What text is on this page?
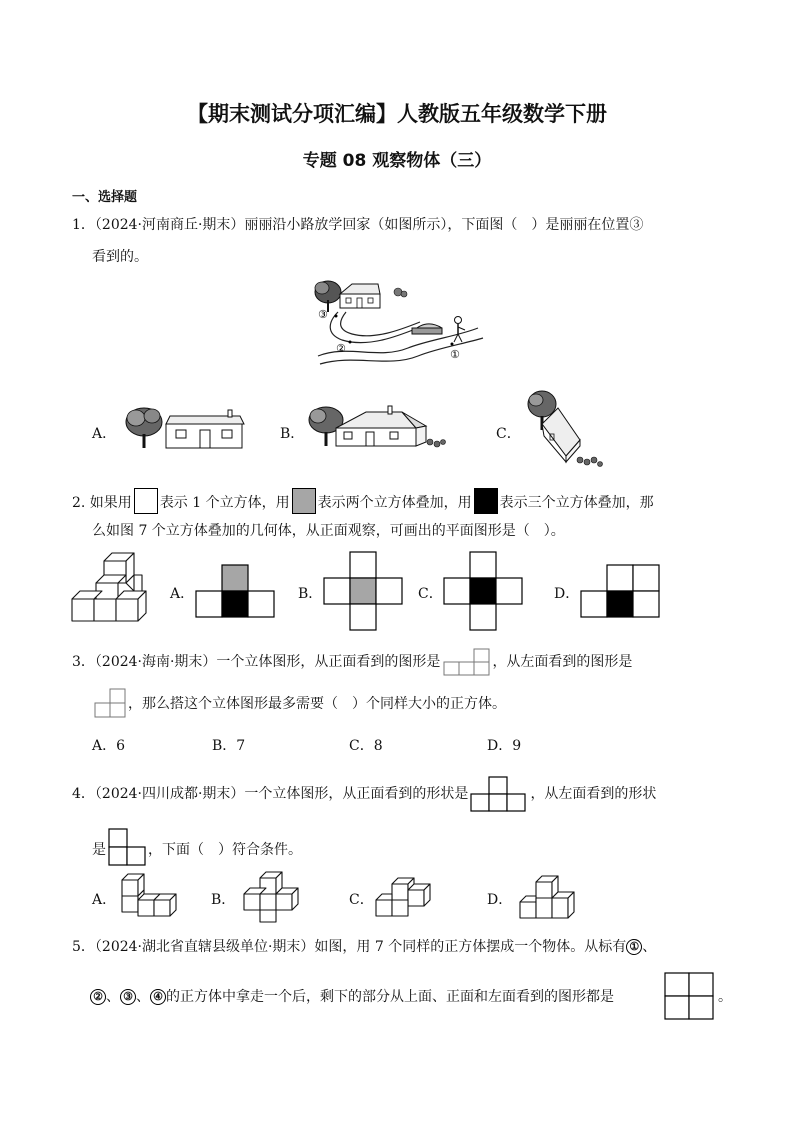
【期末测试分项汇编】人教版五年级数学下册
专题 08 观察物体（三）
一、选择题
1．（2024·河南商丘·期末）丽丽沿小路放学回家（如图所示），下面图（　）是丽丽在位置③
看到的。
③
②	①
A．	B．	C．
2. 如果用 表示 1 个立方体，用 表示两个立方体叠加，用 表示三个立方体叠加，那
么如图 7 个立方体叠加的几何体，从正面观察，可画出的平面图形是（　）。
A．	B．	C．	D．
3．（2024·海南·期末）一个立体图形，从正面看到的图形是	，从左面看到的图形是
，那么搭这个立体图形最多需要（　）个同样大小的正方体。
A．6	B．7	C．8	D．9
4．（2024·四川成都·期末）一个立体图形，从正面看到的形状是	，从左面看到的形状
是	，下面（　）符合条件。
A．	B．	C．	D．
5．（2024·湖北省直辖县级单位·期末）如图，用 7 个同样的正方体摆成一个物体。从标有 ① 、
② 、 ③ 、 ④ 的正方体中拿走一个后，剩下的部分从上面、正面和左面看到的图形都是	。
